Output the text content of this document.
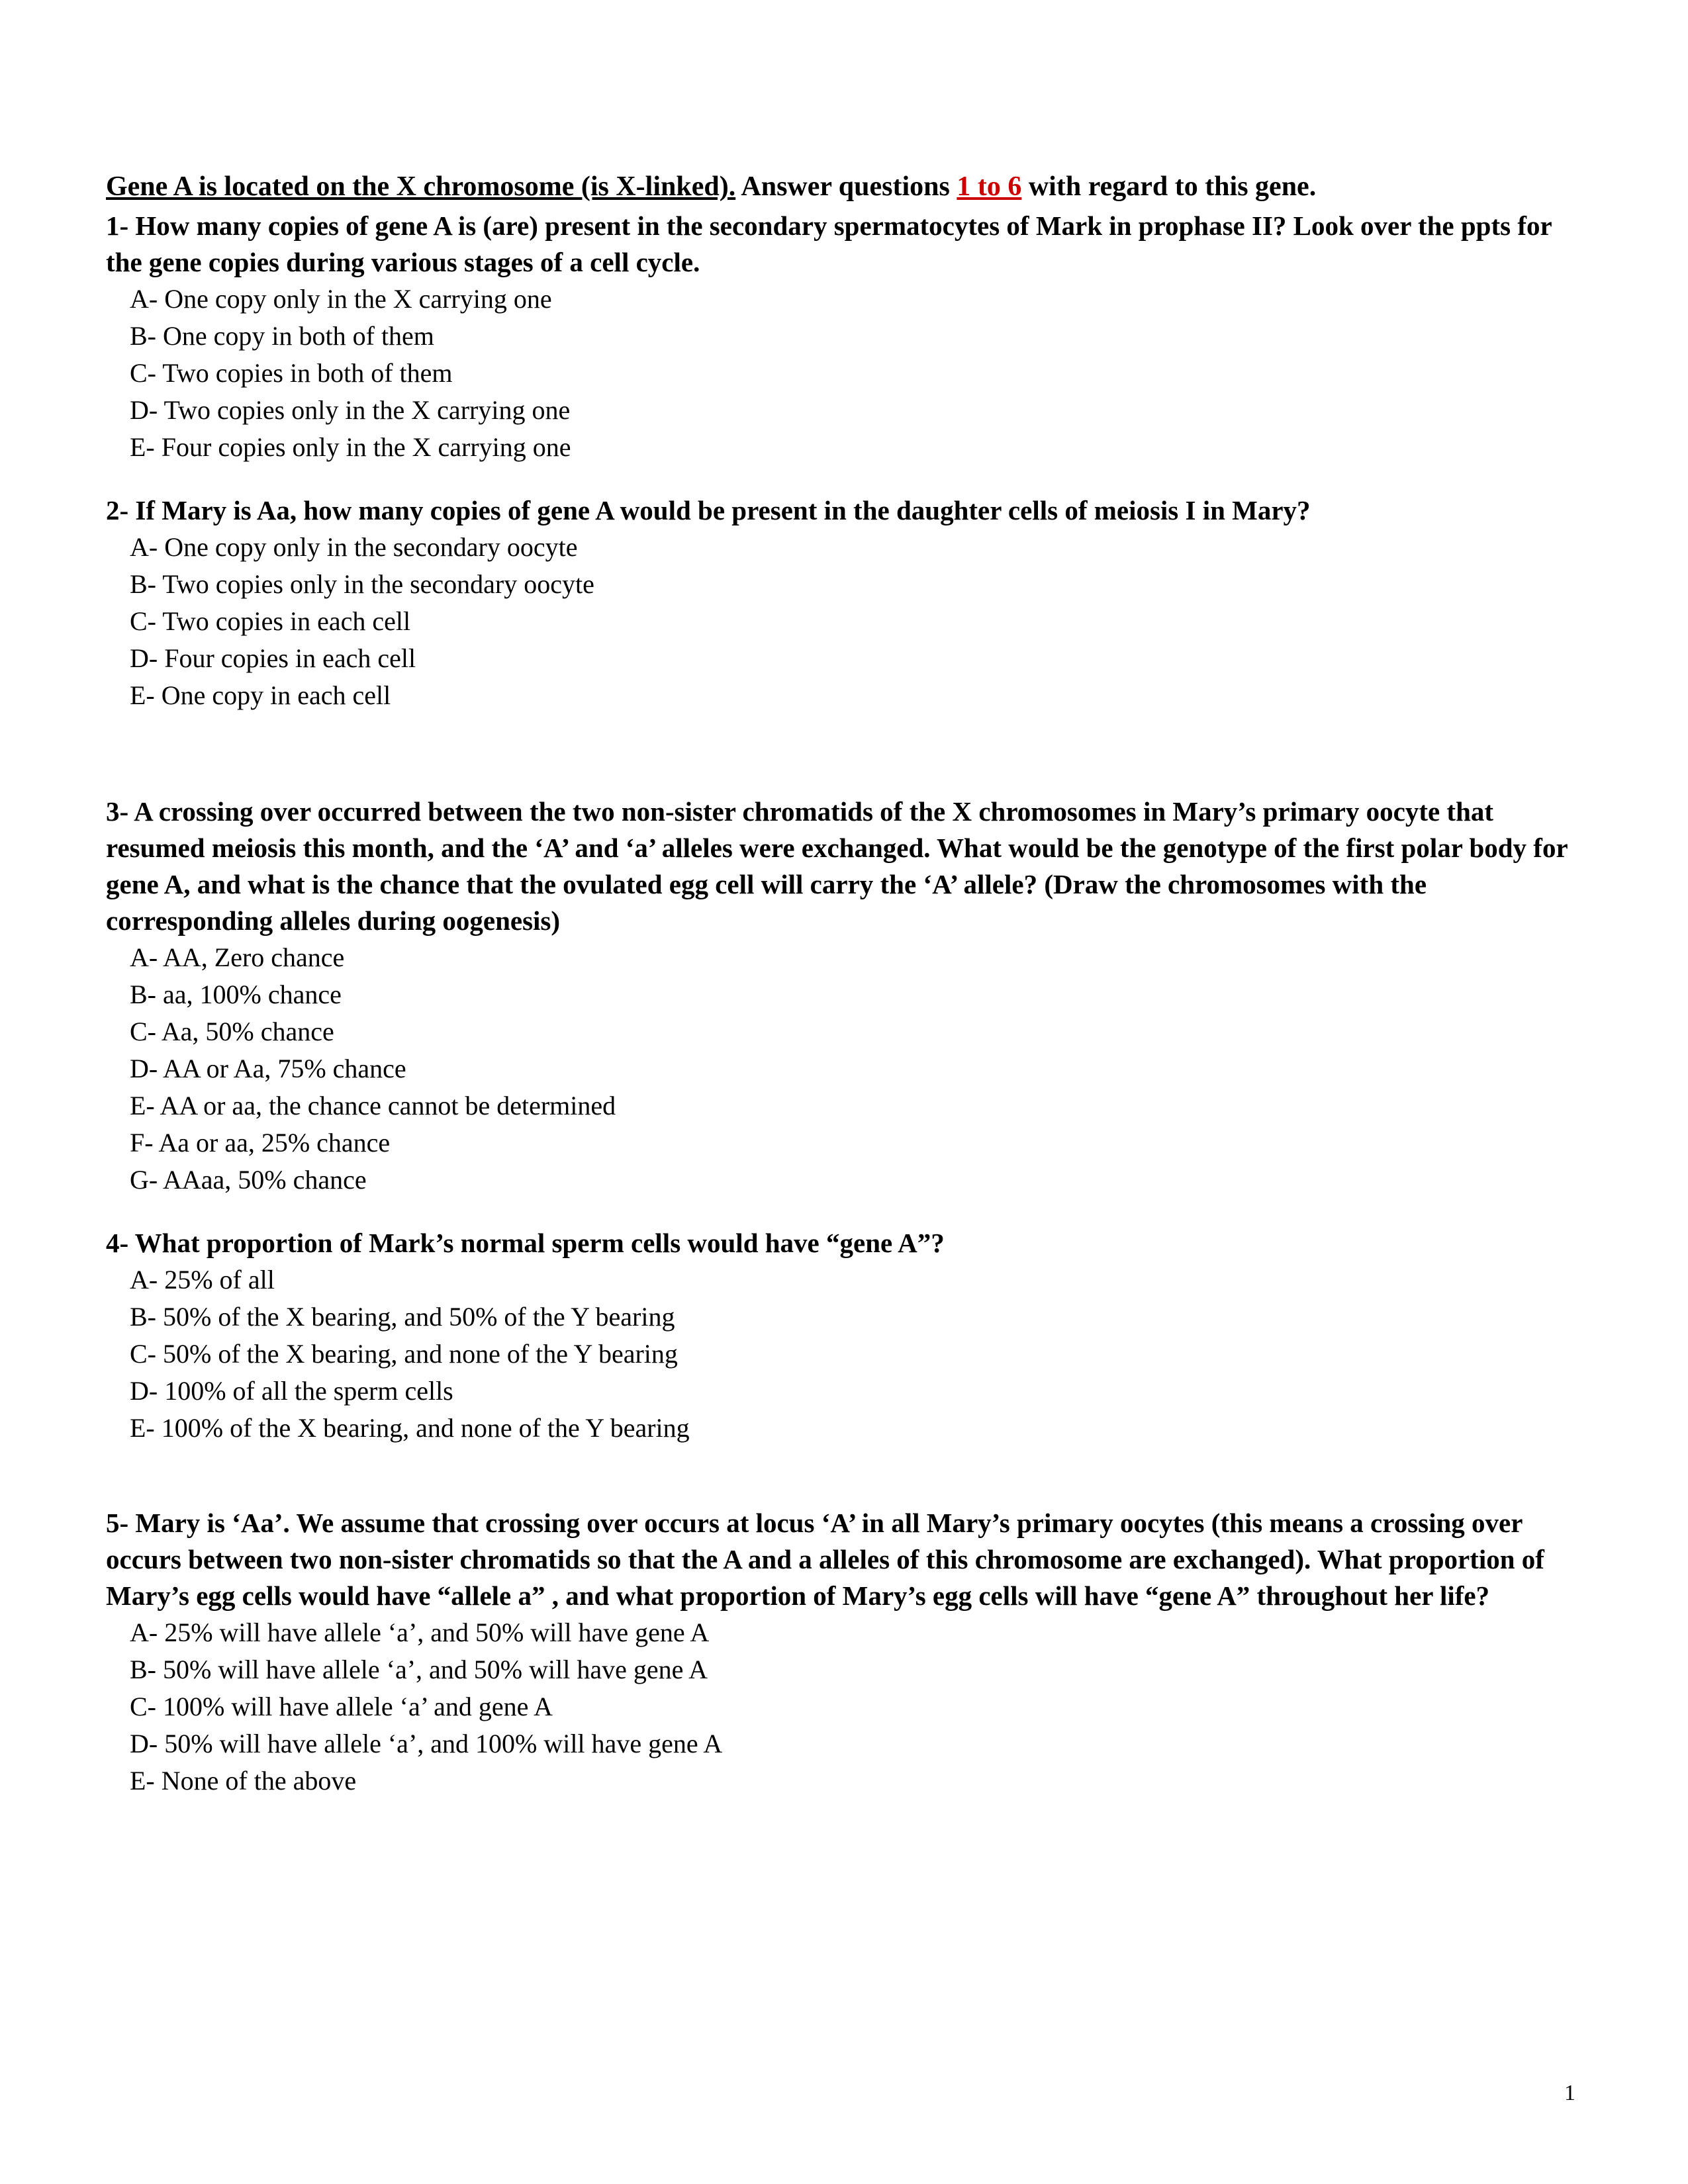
Gene A is located on the X chromosome (is X-linked). Answer questions 1 to 6 with regard to this gene.

1- How many copies of gene A is (are) present in the secondary spermatocytes of Mark in prophase II? Look over the ppts for the gene copies during various stages of a cell cycle.

A- One copy only in the X carrying one
B- One copy in both of them
C- Two copies in both of them
D- Two copies only in the X carrying one
E- Four copies only in the X carrying one

2- If Mary is Aa, how many copies of gene A would be present in the daughter cells of meiosis I in Mary?

A- One copy only in the secondary oocyte
B- Two copies only in the secondary oocyte
C- Two copies in each cell
D- Four copies in each cell
E- One copy in each cell

3- A crossing over occurred between the two non-sister chromatids of the X chromosomes in Mary’s primary oocyte that resumed meiosis this month, and the ‘A’ and ‘a’ alleles were exchanged. What would be the genotype of the first polar body for gene A, and what is the chance that the ovulated egg cell will carry the ‘A’ allele? (Draw the chromosomes with the corresponding alleles during oogenesis)

A- AA, Zero chance
B- aa, 100% chance
C- Aa, 50% chance
D- AA or Aa, 75% chance
E- AA or aa, the chance cannot be determined
F- Aa or aa, 25% chance
G- AAaa, 50% chance

4- What proportion of Mark’s normal sperm cells would have “gene A”?

A- 25% of all
B- 50% of the X bearing, and 50% of the Y bearing
C- 50% of the X bearing, and none of the Y bearing
D- 100% of all the sperm cells
E- 100% of the X bearing, and none of the Y bearing

5- Mary is ‘Aa’. We assume that crossing over occurs at locus ‘A’ in all Mary’s primary oocytes (this means a crossing over occurs between two non-sister chromatids so that the A and a alleles of this chromosome are exchanged). What proportion of Mary’s egg cells would have “allele a” , and what proportion of Mary’s egg cells will have “gene A” throughout her life?

A- 25% will have allele ‘a’, and 50% will have gene A
B- 50% will have allele ‘a’, and 50% will have gene A
C- 100% will have allele ‘a’ and gene A
D- 50% will have allele ‘a’, and 100% will have gene A
E- None of the above
1
